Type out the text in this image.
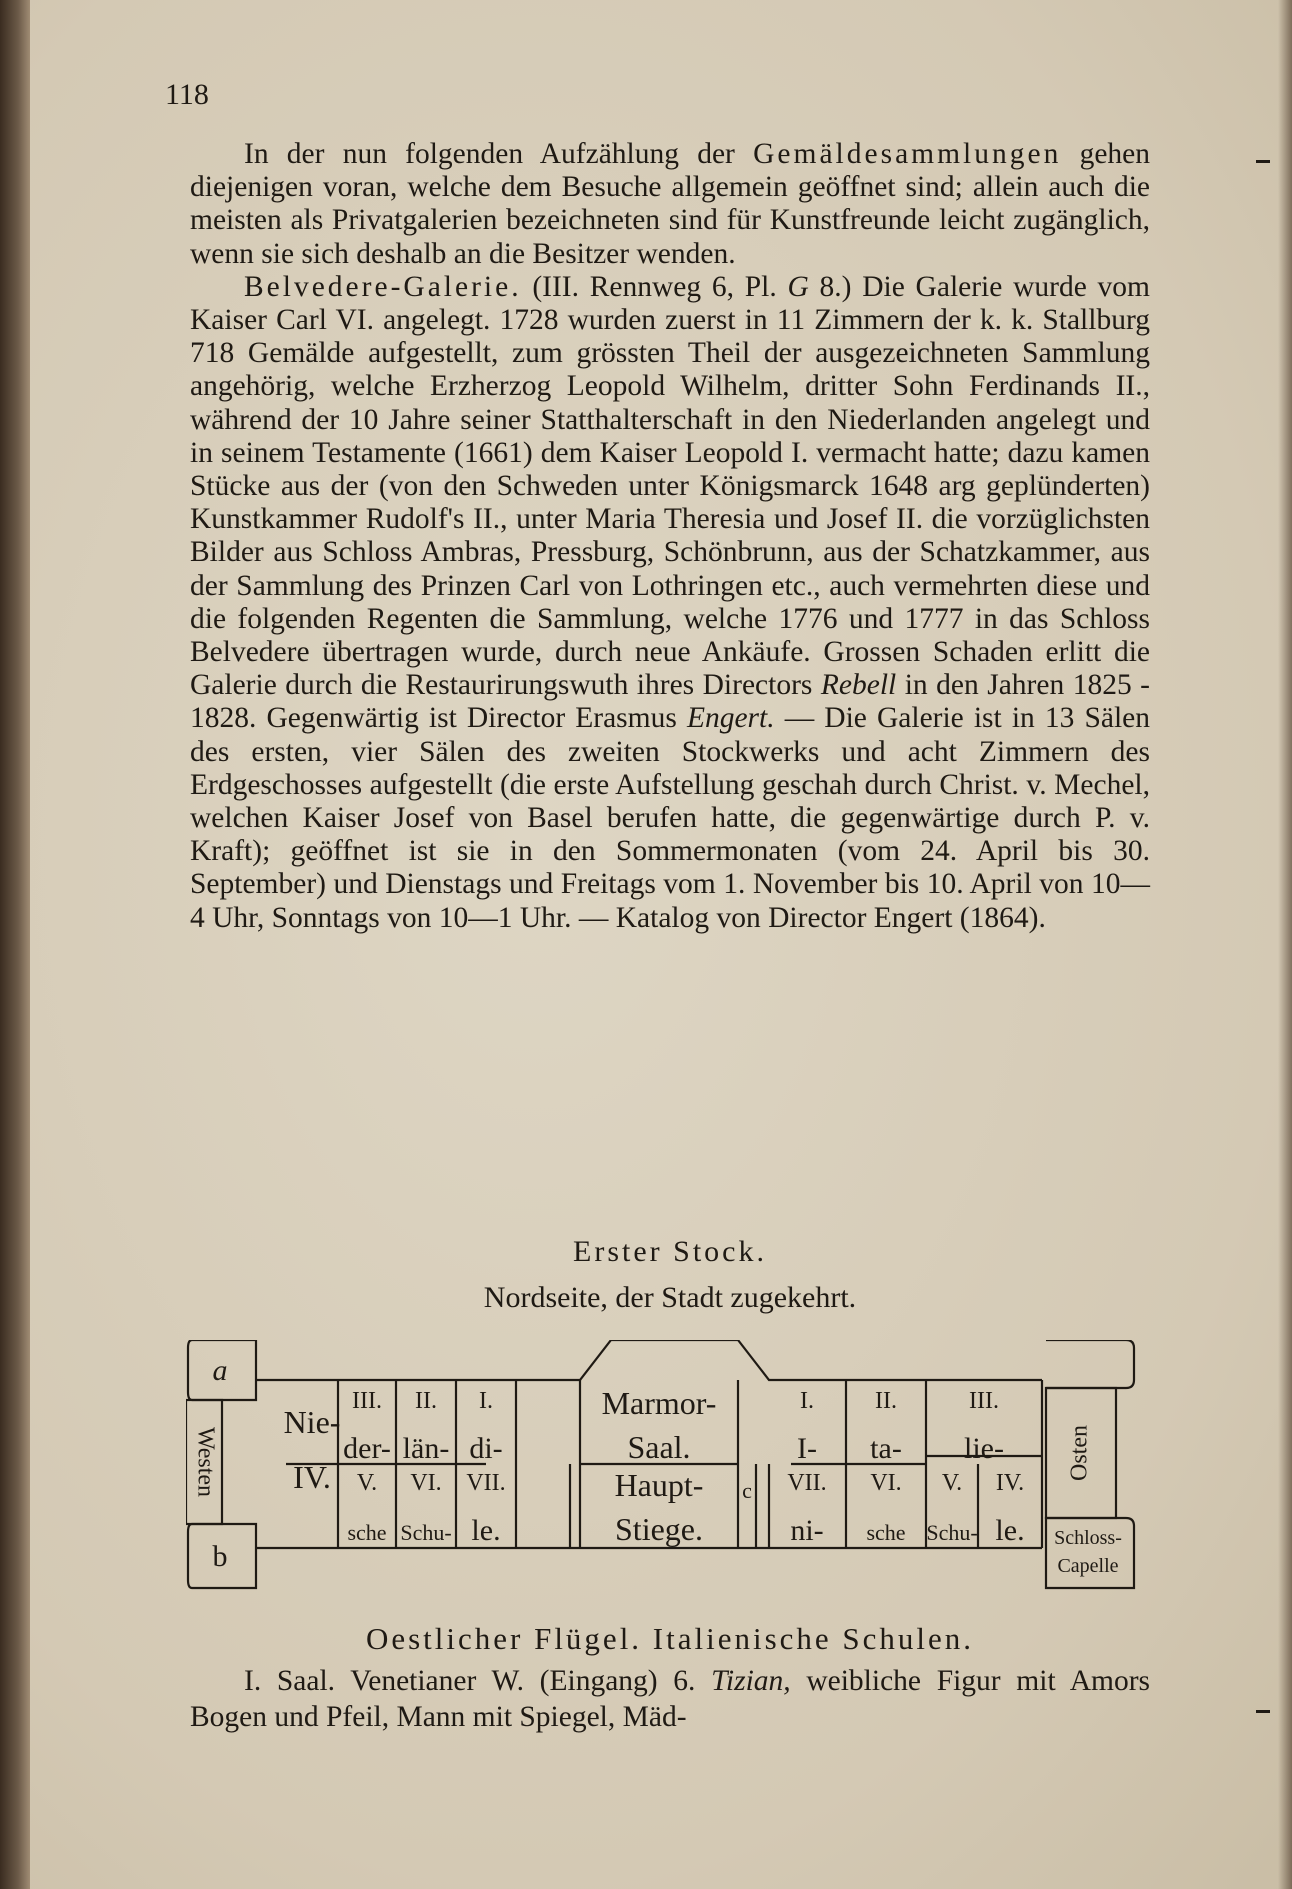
118

In der nun folgenden Aufzählung der Gemäldesammlungen gehen diejenigen voran, welche dem Besuche allgemein geöffnet sind; allein auch die meisten als Privatgalerien bezeichneten sind für Kunstfreunde leicht zugänglich, wenn sie sich deshalb an die Besitzer wenden.

Belvedere-Galerie. (III. Rennweg 6, Pl. G 8.) Die Galerie wurde vom Kaiser Carl VI. angelegt. 1728 wurden zuerst in 11 Zimmern der k. k. Stallburg 718 Gemälde aufgestellt, zum grössten Theil der ausgezeichneten Sammlung angehörig, welche Erzherzog Leopold Wilhelm, dritter Sohn Ferdinands II., während der 10 Jahre seiner Statthalterschaft in den Niederlanden angelegt und in seinem Testamente (1661) dem Kaiser Leopold I. vermacht hatte; dazu kamen Stücke aus der (von den Schweden unter Königsmarck 1648 arg geplünderten) Kunstkammer Rudolf's II., unter Maria Theresia und Josef II. die vorzüglichsten Bilder aus Schloss Ambras, Pressburg, Schönbrunn, aus der Schatzkammer, aus der Sammlung des Prinzen Carl von Lothringen etc., auch vermehrten diese und die folgenden Regenten die Sammlung, welche 1776 und 1777 in das Schloss Belvedere übertragen wurde, durch neue Ankäufe. Grossen Schaden erlitt die Galerie durch die Restaurirungswuth ihres Directors Rebell in den Jahren 1825 - 1828. Gegenwärtig ist Director Erasmus Engert. — Die Galerie ist in 13 Sälen des ersten, vier Sälen des zweiten Stockwerks und acht Zimmern des Erdgeschosses aufgestellt (die erste Aufstellung geschah durch Christ. v. Mechel, welchen Kaiser Josef von Basel berufen hatte, die gegenwärtige durch P. v. Kraft); geöffnet ist sie in den Sommermonaten (vom 24. April bis 30. September) und Dienstags und Freitags vom 1. November bis 10. April von 10—4 Uhr, Sonntags von 10—1 Uhr. — Katalog von Director Engert (1864).

Erster Stock.
Nordseite, der Stadt zugekehrt.
a
b
Westen	Osten
Schloss-
Capelle
c
Nie-
III.
der-
II.
län-
I.
di-
Marmor-
Saal.
I.
I-
II.
ta-
III.
lie-
IV. V.
sche
VI.
Schu-
VII.
le.
Haupt-
Stiege.
VII.
ni-
VI.
sche
V.
Schu-
IV.
le.
Oestlicher Flügel. Italienische Schulen.

I. Saal. Venetianer W. (Eingang) 6. Tizian, weibliche Figur mit Amors Bogen und Pfeil, Mann mit Spiegel, Mäd-
